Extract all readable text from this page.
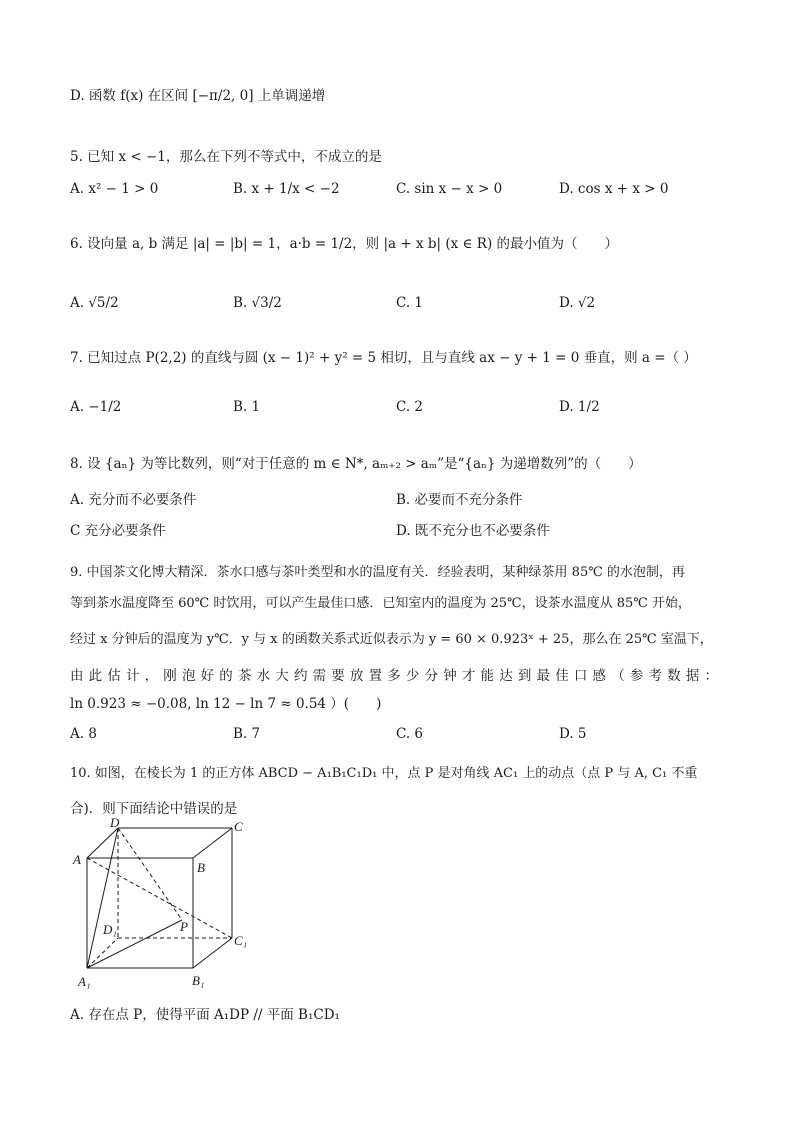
D. 函数 f(x) 在区间 [−π/2, 0] 上单调递增
5. 已知 x < −1，那么在下列不等式中，不成立的是
A. x² − 1 > 0	B. x + 1/x < −2	C. sin x − x > 0	D. cos x + x > 0
6. 设向量 a, b 满足 |a| = |b| = 1，a·b = 1/2，则 |a + x b| (x ∈ R) 的最小值为（　　）
A. √5/2	B. √3/2	C. 1	D. √2
7. 已知过点 P(2,2) 的直线与圆 (x − 1)² + y² = 5 相切，且与直线 ax − y + 1 = 0 垂直，则 a =（ ）
A. −1/2	B. 1	C. 2	D. 1/2
8. 设 {aₙ} 为等比数列，则“对于任意的 m ∈ N*, aₘ₊₂ > aₘ”是“{aₙ} 为递增数列”的（　　）
A. 充分而不必要条件	B. 必要而不充分条件
C 充分必要条件	D. 既不充分也不必要条件
9. 中国茶文化博大精深．茶水口感与茶叶类型和水的温度有关．经验表明，某种绿茶用 85℃ 的水泡制，再
等到茶水温度降至 60℃ 时饮用，可以产生最佳口感．已知室内的温度为 25℃，设茶水温度从 85℃ 开始，
经过 x 分钟后的温度为 y℃．y 与 x 的函数关系式近似表示为 y = 60 × 0.923ˣ + 25，那么在 25℃ 室温下，
由此估计，刚泡好的茶水大约需要放置多少分钟才能达到最佳口感（参考数据：
ln 0.923 ≈ −0.08, ln 12 − ln 7 ≈ 0.54 ）(　　)
A. 8	B. 7	C. 6	D. 5
10. 如图，在棱长为 1 的正方体 ABCD − A₁B₁C₁D₁ 中，点 P 是对角线 AC₁ 上的动点（点 P 与 A, C₁ 不重
合)．则下面结论中错误的是
D	C
A
B
D₁	P
C₁
A₁	B₁
A. 存在点 P，使得平面 A₁DP // 平面 B₁CD₁
